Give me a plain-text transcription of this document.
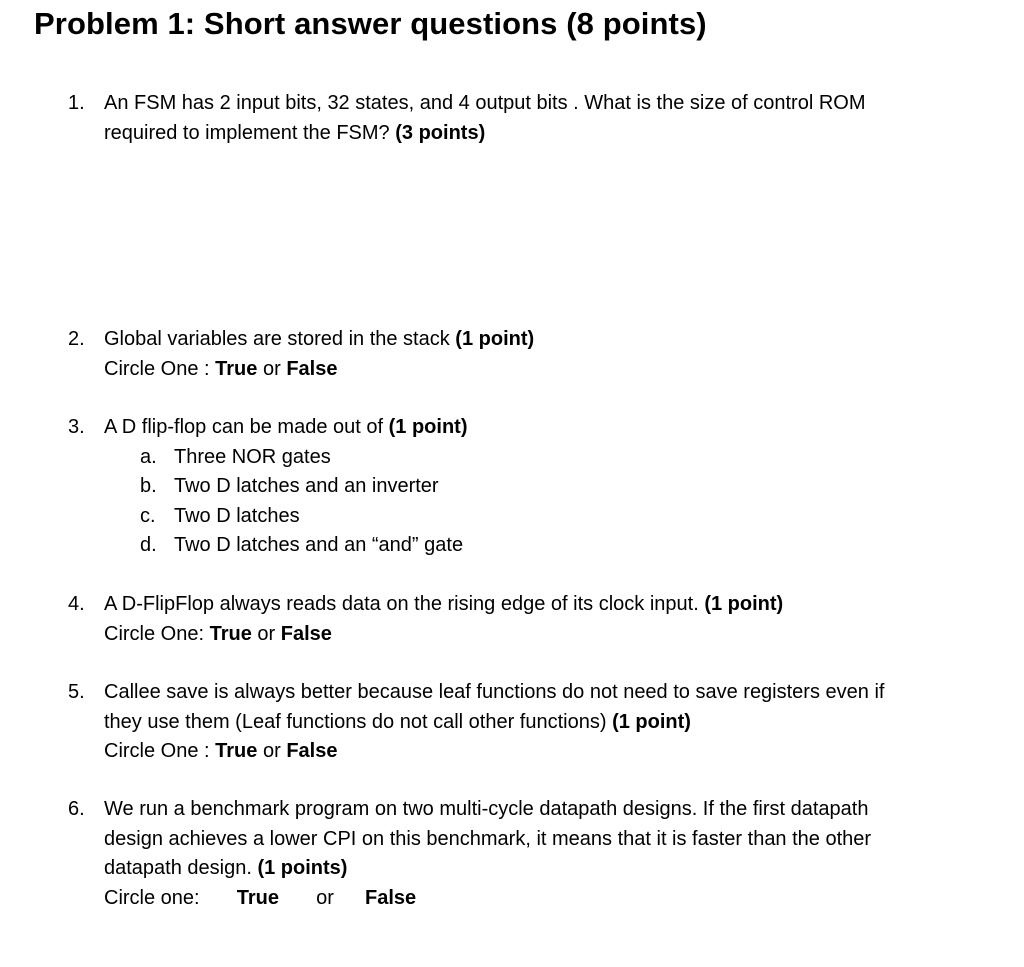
Problem 1: Short answer questions (8 points)
1. An FSM has 2 input bits, 32 states, and 4 output bits . What is the size of control ROM
required to implement the FSM? (3 points)
2. Global variables are stored in the stack (1 point)
Circle One : True or False
3. A D flip-flop can be made out of (1 point)
a. Three NOR gates
b. Two D latches and an inverter
c. Two D latches
d. Two D latches and an “and” gate
4. A D-FlipFlop always reads data on the rising edge of its clock input. (1 point)
Circle One: True or False
5. Callee save is always better because leaf functions do not need to save registers even if
they use them (Leaf functions do not call other functions) (1 point)
Circle One : True or False
6. We run a benchmark program on two multi-cycle datapath designs. If the first datapath
design achieves a lower CPI on this benchmark, it means that it is faster than the other
datapath design. (1 points)
Circle one: True or False
